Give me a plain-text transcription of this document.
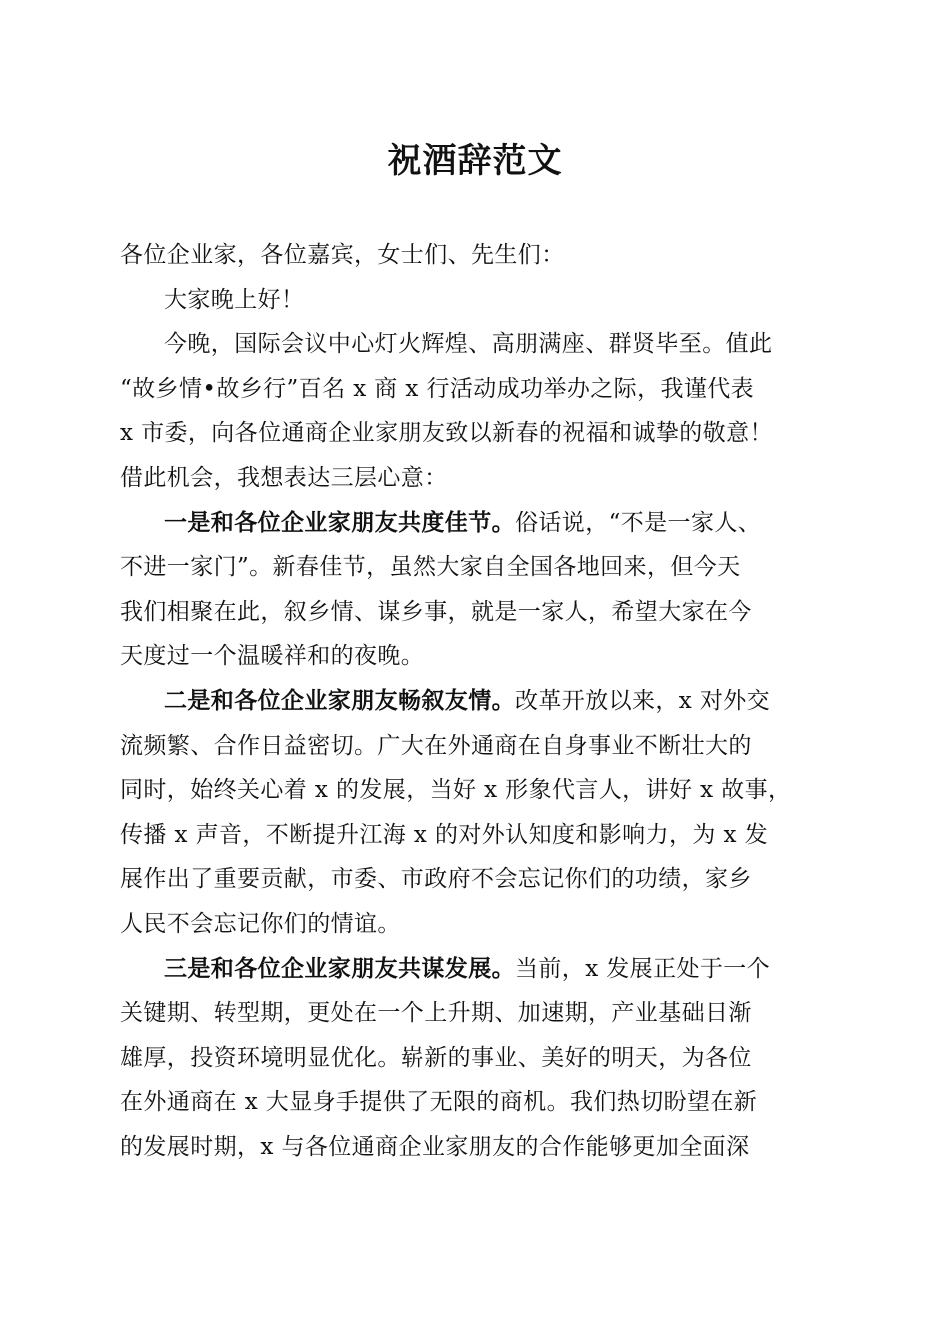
祝酒辞范文
各位企业家，各位嘉宾，女士们、先生们：
大家晚上好！
今晚，国际会议中心灯火辉煌、高朋满座、群贤毕至。值此
“故乡情•故乡行”百名 x 商 x 行活动成功举办之际，我谨代表
x 市委，向各位通商企业家朋友致以新春的祝福和诚挚的敬意！
借此机会，我想表达三层心意：
一是和各位企业家朋友共度佳节。俗话说，“不是一家人、
不进一家门”。新春佳节，虽然大家自全国各地回来，但今天
我们相聚在此，叙乡情、谋乡事，就是一家人，希望大家在今
天度过一个温暖祥和的夜晚。
二是和各位企业家朋友畅叙友情。改革开放以来，x 对外交
流频繁、合作日益密切。广大在外通商在自身事业不断壮大的
同时，始终关心着 x 的发展，当好 x 形象代言人，讲好 x 故事，
传播 x 声音，不断提升江海 x 的对外认知度和影响力，为 x 发
展作出了重要贡献，市委、市政府不会忘记你们的功绩，家乡
人民不会忘记你们的情谊。
三是和各位企业家朋友共谋发展。当前，x 发展正处于一个
关键期、转型期，更处在一个上升期、加速期，产业基础日渐
雄厚，投资环境明显优化。崭新的事业、美好的明天，为各位
在外通商在 x 大显身手提供了无限的商机。我们热切盼望在新
的发展时期，x 与各位通商企业家朋友的合作能够更加全面深
